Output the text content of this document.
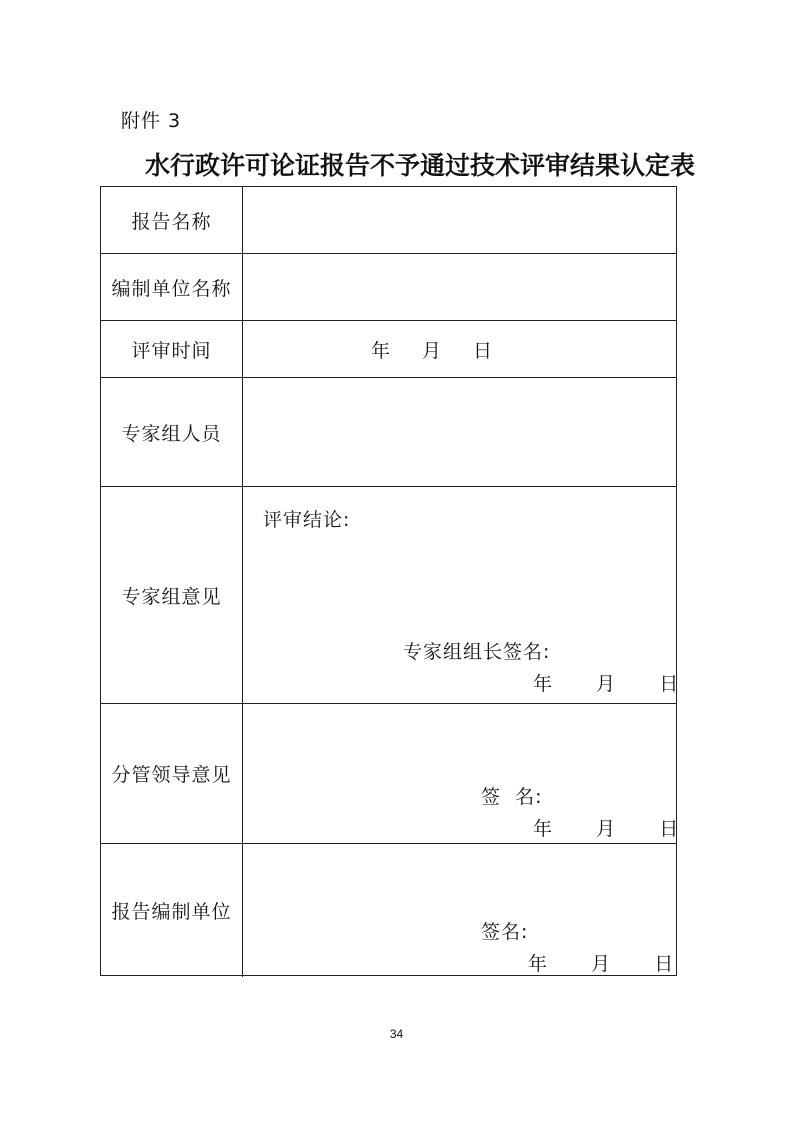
附件 3
水行政许可论证报告不予通过技术评审结果认定表
报告名称
编制单位名称
评审时间	年 月 日
专家组人员
专家组意见
评审结论:
专家组组长签名:
年 月 日
分管领导意见
签  名:
年 月 日
报告编制单位
签名:
年 月 日
34
